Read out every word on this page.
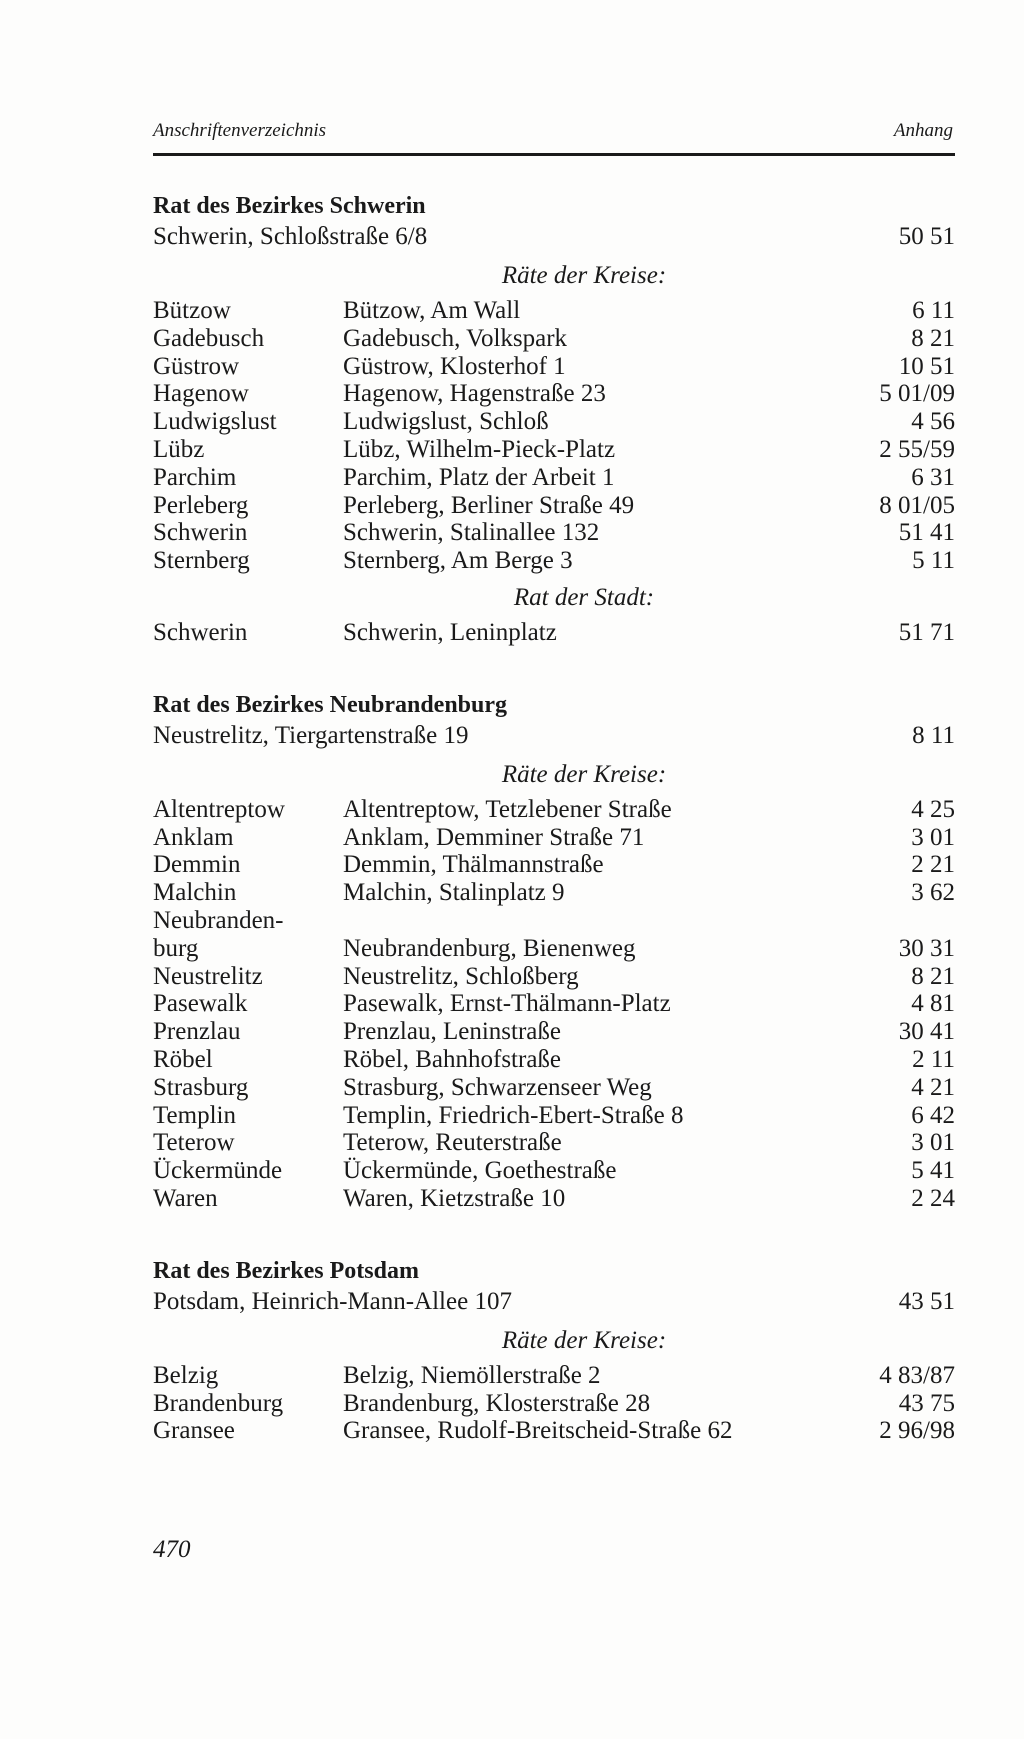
Anschriftenverzeichnis	Anhang
Rat des Bezirkes Schwerin
Schwerin, Schloßstraße 6/8	50 51
Räte der Kreise:
Bützow	Bützow, Am Wall	6 11
Gadebusch	Gadebusch, Volkspark	8 21
Güstrow	Güstrow, Klosterhof 1	10 51
Hagenow	Hagenow, Hagenstraße 23	5 01/09
Ludwigslust	Ludwigslust, Schloß	4 56
Lübz	Lübz, Wilhelm-Pieck-Platz	2 55/59
Parchim	Parchim, Platz der Arbeit 1	6 31
Perleberg	Perleberg, Berliner Straße 49	8 01/05
Schwerin	Schwerin, Stalinallee 132	51 41
Sternberg	Sternberg, Am Berge 3	5 11
Rat der Stadt:
Schwerin	Schwerin, Leninplatz	51 71
Rat des Bezirkes Neubrandenburg
Neustrelitz, Tiergartenstraße 19	8 11
Räte der Kreise:
Altentreptow Altentreptow, Tetzlebener Straße	4 25
Anklam	Anklam, Demminer Straße 71	3 01
Demmin	Demmin, Thälmannstraße	2 21
Malchin	Malchin, Stalinplatz 9	3 62
Neubranden-
burg	Neubrandenburg, Bienenweg	30 31
Neustrelitz	Neustrelitz, Schloßberg	8 21
Pasewalk	Pasewalk, Ernst-Thälmann-Platz	4 81
Prenzlau	Prenzlau, Leninstraße	30 41
Röbel	Röbel, Bahnhofstraße	2 11
Strasburg	Strasburg, Schwarzenseer Weg	4 21
Templin	Templin, Friedrich-Ebert-Straße 8	6 42
Teterow	Teterow, Reuterstraße	3 01
Ückermünde Ückermünde, Goethestraße	5 41
Waren	Waren, Kietzstraße 10	2 24
Rat des Bezirkes Potsdam
Potsdam, Heinrich-Mann-Allee 107	43 51
Räte der Kreise:
Belzig	Belzig, Niemöllerstraße 2	4 83/87
Brandenburg Brandenburg, Klosterstraße 28	43 75
Gransee	Gransee, Rudolf-Breitscheid-Straße 62	2 96/98
470
